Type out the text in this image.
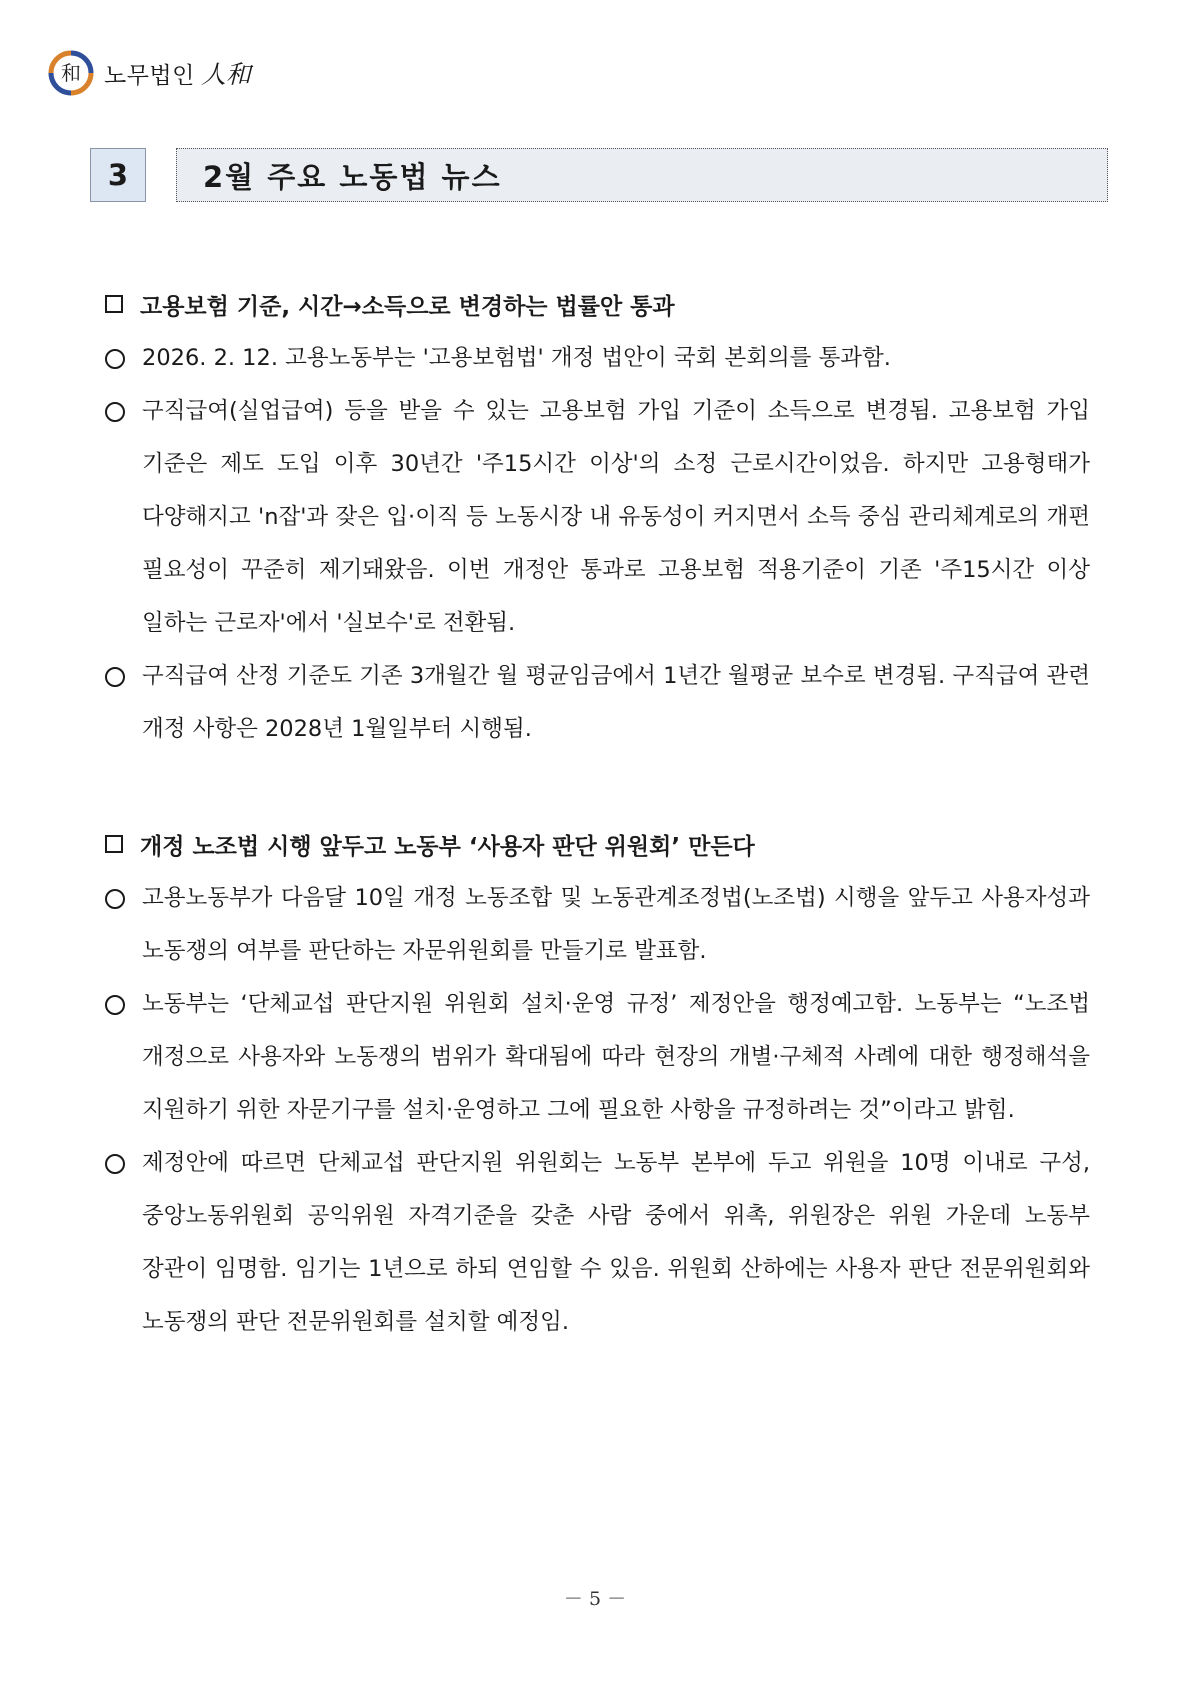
和 노무법인 人和
3	2월 주요 노동법 뉴스
고용보험 기준, 시간→소득으로 변경하는 법률안 통과
2026. 2. 12. 고용노동부는 '고용보험법' 개정 법안이 국회 본회의를 통과함.
구직급여(실업급여) 등을 받을 수 있는 고용보험 가입 기준이 소득으로 변경됨. 고용보험 가입 기준은 제도 도입 이후 30년간 '주15시간 이상'의 소정 근로시간이었음. 하지만 고용형태가 다양해지고 'n잡'과 잦은 입·이직 등 노동시장 내 유동성이 커지면서 소득 중심 관리체계로의 개편 필요성이 꾸준히 제기돼왔음. 이번 개정안 통과로 고용보험 적용기준이 기존 '주15시간 이상 일하는 근로자'에서 '실보수'로 전환됨.
구직급여 산정 기준도 기존 3개월간 월 평균임금에서 1년간 월평균 보수로 변경됨. 구직급여 관련 개정 사항은 2028년 1월일부터 시행됨.
개정 노조법 시행 앞두고 노동부 ‘사용자 판단 위원회’ 만든다
고용노동부가 다음달 10일 개정 노동조합 및 노동관계조정법(노조법) 시행을 앞두고 사용자성과 노동쟁의 여부를 판단하는 자문위원회를 만들기로 발표함.
노동부는 ‘단체교섭 판단지원 위원회 설치·운영 규정’ 제정안을 행정예고함. 노동부는 “노조법 개정으로 사용자와 노동쟁의 범위가 확대됨에 따라 현장의 개별·구체적 사례에 대한 행정해석을 지원하기 위한 자문기구를 설치·운영하고 그에 필요한 사항을 규정하려는 것”이라고 밝힘.
제정안에 따르면 단체교섭 판단지원 위원회는 노동부 본부에 두고 위원을 10명 이내로 구성, 중앙노동위원회 공익위원 자격기준을 갖춘 사람 중에서 위촉, 위원장은 위원 가운데 노동부 장관이 임명함. 임기는 1년으로 하되 연임할 수 있음. 위원회 산하에는 사용자 판단 전문위원회와 노동쟁의 판단 전문위원회를 설치할 예정임.
－ 5 －
